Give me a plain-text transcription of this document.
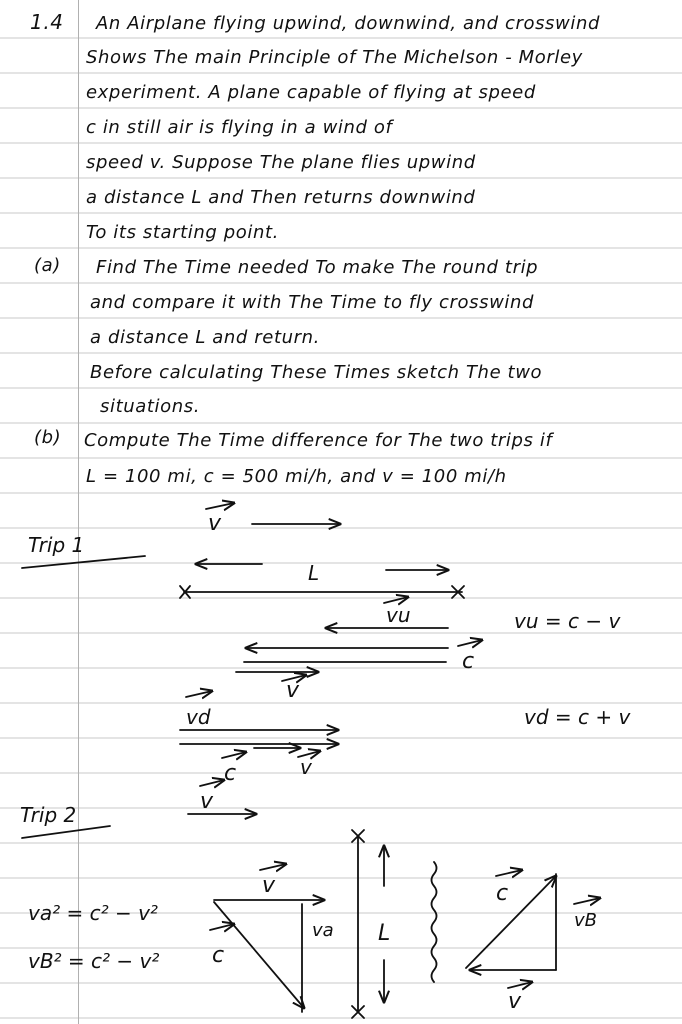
1.4 An Airplane flying upwind, downwind, and crosswind
Shows The main Principle of The Michelson - Morley
experiment. A plane capable of flying at speed
c in still air is flying in a wind of
speed v. Suppose The plane flies upwind
a distance L and Then returns downwind
To its starting point.
(a) Find The Time needed To make The round trip
and compare it with The Time to fly crosswind
a distance L and return.
Before calculating These Times sketch The two
situations.
(b) Compute The Time difference for The two trips if
L = 100 mi, c = 500 mi/h, and v = 100 mi/h
Trip 1
v
L
vu	vu = c − v
c
v
vd	vd = c + v
c	v
v
Trip 2
va² = c² − v²
vB² = c² − v²
v
c
va L
c
vB
v
